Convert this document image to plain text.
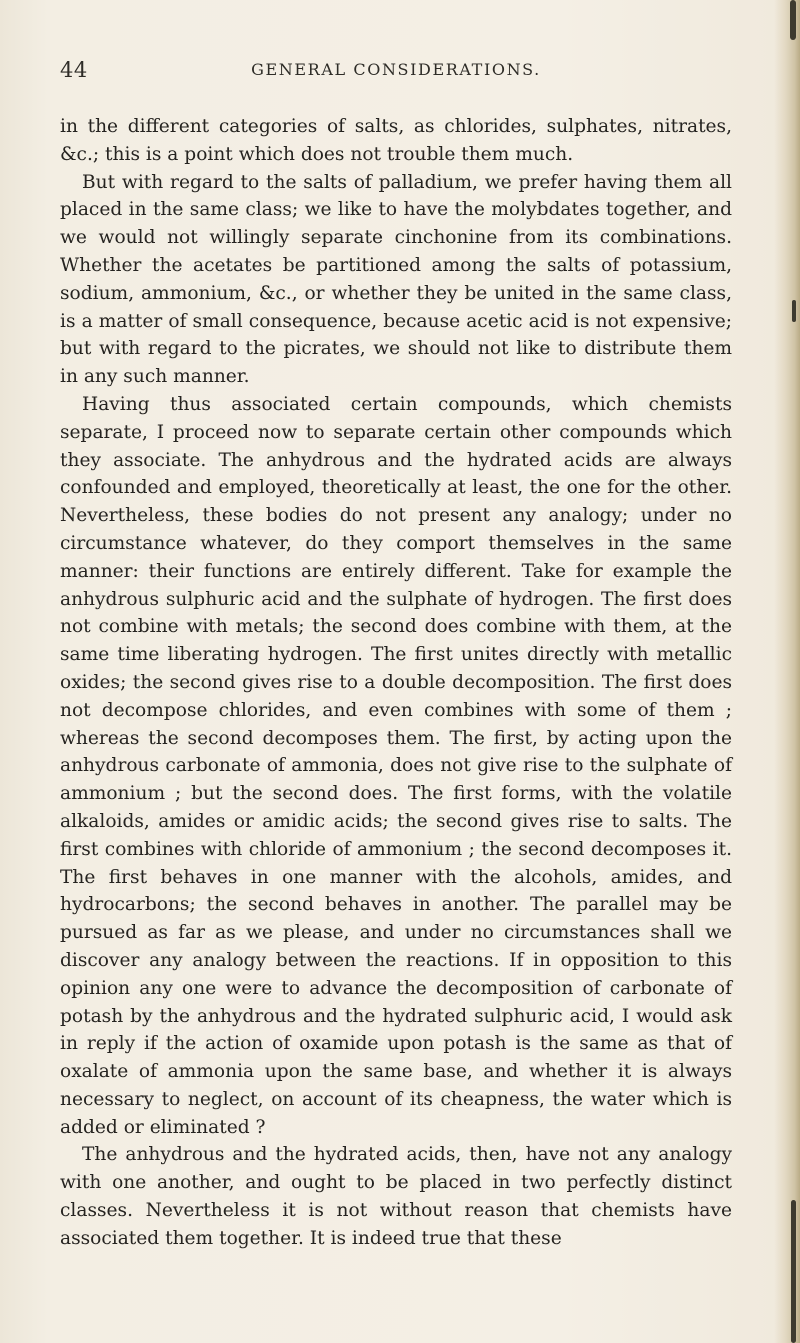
44	GENERAL CONSIDERATIONS.

in the different categories of salts, as chlorides, sulphates, nitrates, &c.; this is a point which does not trouble them much.

But with regard to the salts of palladium, we prefer having them all placed in the same class; we like to have the molybdates together, and we would not willingly separate cinchonine from its combinations. Whether the acetates be partitioned among the salts of potassium, sodium, ammonium, &c., or whether they be united in the same class, is a matter of small consequence, because acetic acid is not expensive; but with regard to the picrates, we should not like to distribute them in any such manner.

Having thus associated certain compounds, which chemists separate, I proceed now to separate certain other compounds which they associate. The anhydrous and the hydrated acids are always confounded and employed, theoretically at least, the one for the other. Nevertheless, these bodies do not present any analogy; under no circumstance whatever, do they comport themselves in the same manner: their functions are entirely different. Take for example the anhydrous sulphuric acid and the sulphate of hydrogen. The first does not combine with metals; the second does combine with them, at the same time liberating hydrogen. The first unites directly with metallic oxides; the second gives rise to a double decomposition. The first does not decompose chlorides, and even combines with some of them ; whereas the second decomposes them. The first, by acting upon the anhydrous carbonate of ammonia, does not give rise to the sulphate of ammonium ; but the second does. The first forms, with the volatile alkaloids, amides or amidic acids; the second gives rise to salts. The first combines with chloride of ammonium ; the second decomposes it. The first behaves in one manner with the alcohols, amides, and hydrocarbons; the second behaves in another. The parallel may be pursued as far as we please, and under no circumstances shall we discover any analogy between the reactions. If in opposition to this opinion any one were to advance the decomposition of carbonate of potash by the anhydrous and the hydrated sulphuric acid, I would ask in reply if the action of oxamide upon potash is the same as that of oxalate of ammonia upon the same base, and whether it is always necessary to neglect, on account of its cheapness, the water which is added or eliminated ?

The anhydrous and the hydrated acids, then, have not any analogy with one another, and ought to be placed in two perfectly distinct classes. Nevertheless it is not without reason that chemists have associated them together. It is indeed true that these
